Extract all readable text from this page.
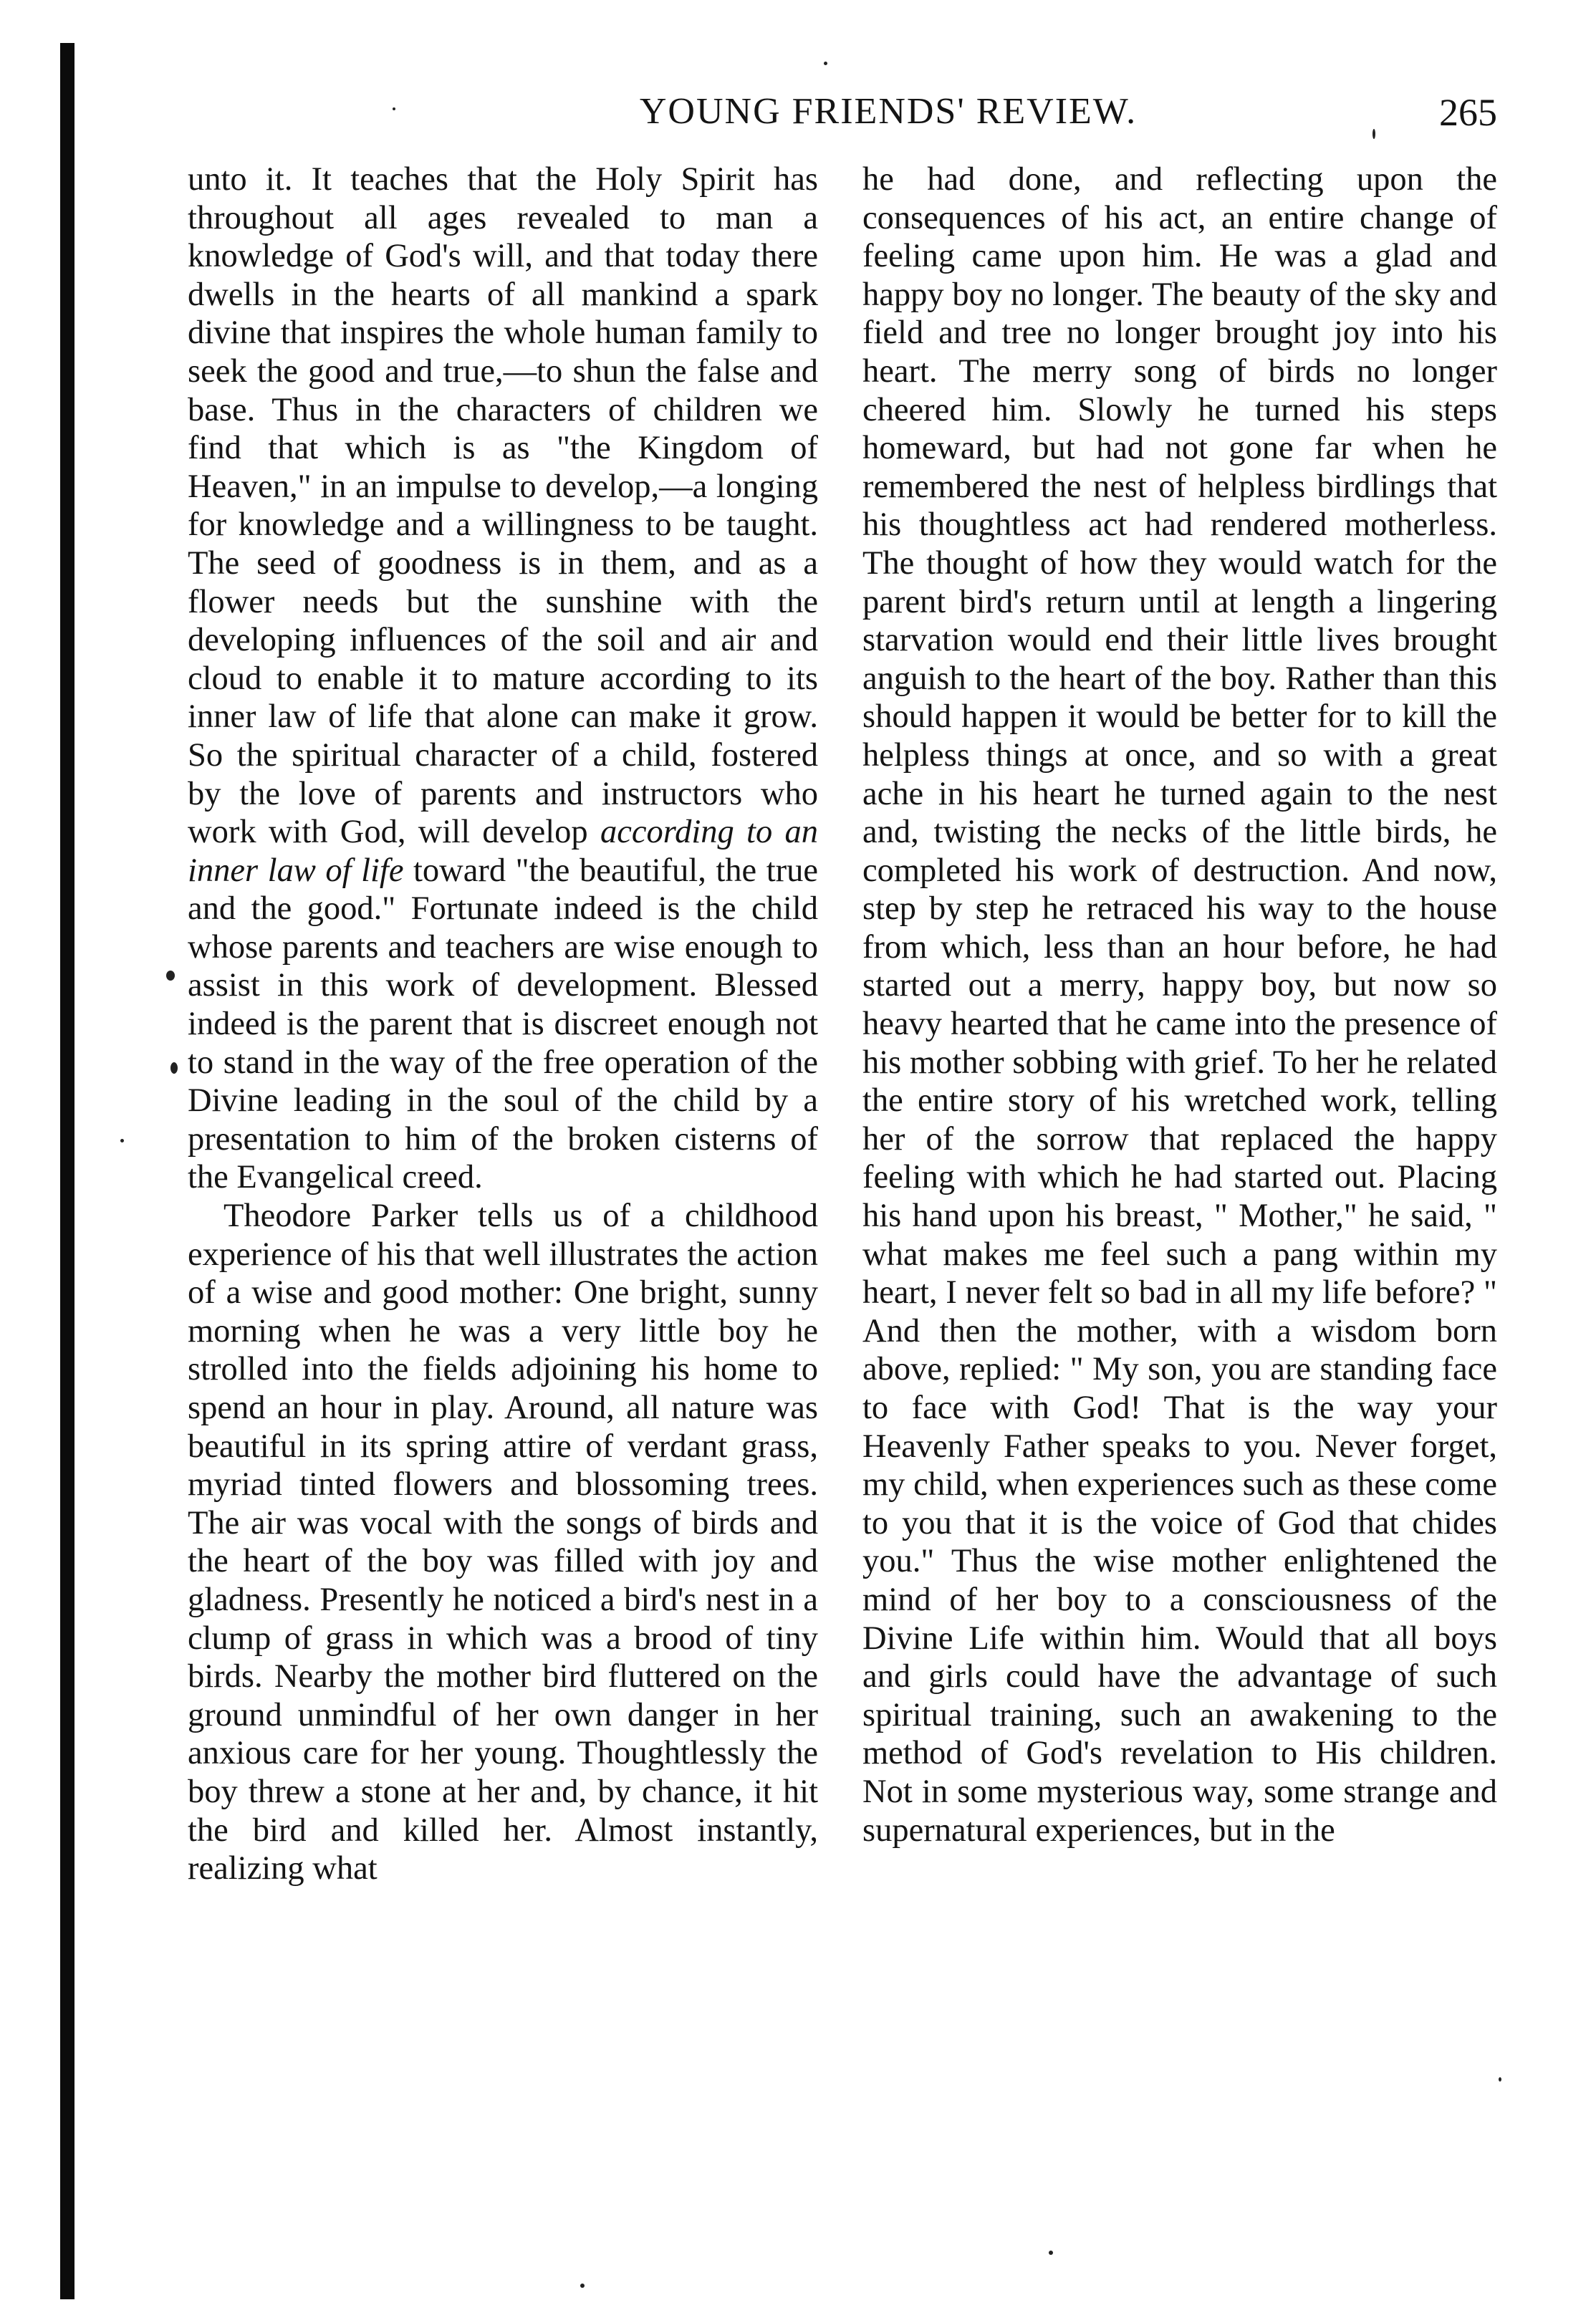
YOUNG FRIENDS' REVIEW.	265

unto it. It teaches that the Holy Spirit has throughout all ages revealed to man a knowledge of God's will, and that today there dwells in the hearts of all mankind a spark divine that inspires the whole human family to seek the good and true,—to shun the false and base. Thus in the characters of children we find that which is as "the Kingdom of Heaven," in an impulse to develop,—a longing for knowledge and a willingness to be taught. The seed of goodness is in them, and as a flower needs but the sunshine with the developing influences of the soil and air and cloud to enable it to mature according to its inner law of life that alone can make it grow. So the spiritual character of a child, fostered by the love of parents and instructors who work with God, will develop according to an inner law of life toward "the beautiful, the true and the good." Fortunate indeed is the child whose parents and teachers are wise enough to assist in this work of development. Blessed indeed is the parent that is discreet enough not to stand in the way of the free operation of the Divine leading in the soul of the child by a presentation to him of the broken cisterns of the Evangelical creed.

Theodore Parker tells us of a childhood experience of his that well illustrates the action of a wise and good mother: One bright, sunny morning when he was a very little boy he strolled into the fields adjoining his home to spend an hour in play. Around, all nature was beautiful in its spring attire of verdant grass, myriad tinted flowers and blossoming trees. The air was vocal with the songs of birds and the heart of the boy was filled with joy and gladness. Presently he noticed a bird's nest in a clump of grass in which was a brood of tiny birds. Nearby the mother bird fluttered on the ground unmindful of her own danger in her anxious care for her young. Thoughtlessly the boy threw a stone at her and, by chance, it hit the bird and killed her. Almost instantly, realizing what

he had done, and reflecting upon the consequences of his act, an entire change of feeling came upon him. He was a glad and happy boy no longer. The beauty of the sky and field and tree no longer brought joy into his heart. The merry song of birds no longer cheered him. Slowly he turned his steps homeward, but had not gone far when he remembered the nest of helpless birdlings that his thoughtless act had rendered motherless. The thought of how they would watch for the parent bird's return until at length a lingering starvation would end their little lives brought anguish to the heart of the boy. Rather than this should happen it would be better for to kill the helpless things at once, and so with a great ache in his heart he turned again to the nest and, twisting the necks of the little birds, he completed his work of destruction. And now, step by step he retraced his way to the house from which, less than an hour before, he had started out a merry, happy boy, but now so heavy hearted that he came into the presence of his mother sobbing with grief. To her he related the entire story of his wretched work, telling her of the sorrow that replaced the happy feeling with which he had started out. Placing his hand upon his breast, " Mother," he said, " what makes me feel such a pang within my heart, I never felt so bad in all my life before? " And then the mother, with a wisdom born above, replied: " My son, you are standing face to face with God! That is the way your Heavenly Father speaks to you. Never forget, my child, when experiences such as these come to you that it is the voice of God that chides you." Thus the wise mother enlightened the mind of her boy to a consciousness of the Divine Life within him. Would that all boys and girls could have the advantage of such spiritual training, such an awakening to the method of God's revelation to His children. Not in some mysterious way, some strange and supernatural experiences, but in the
